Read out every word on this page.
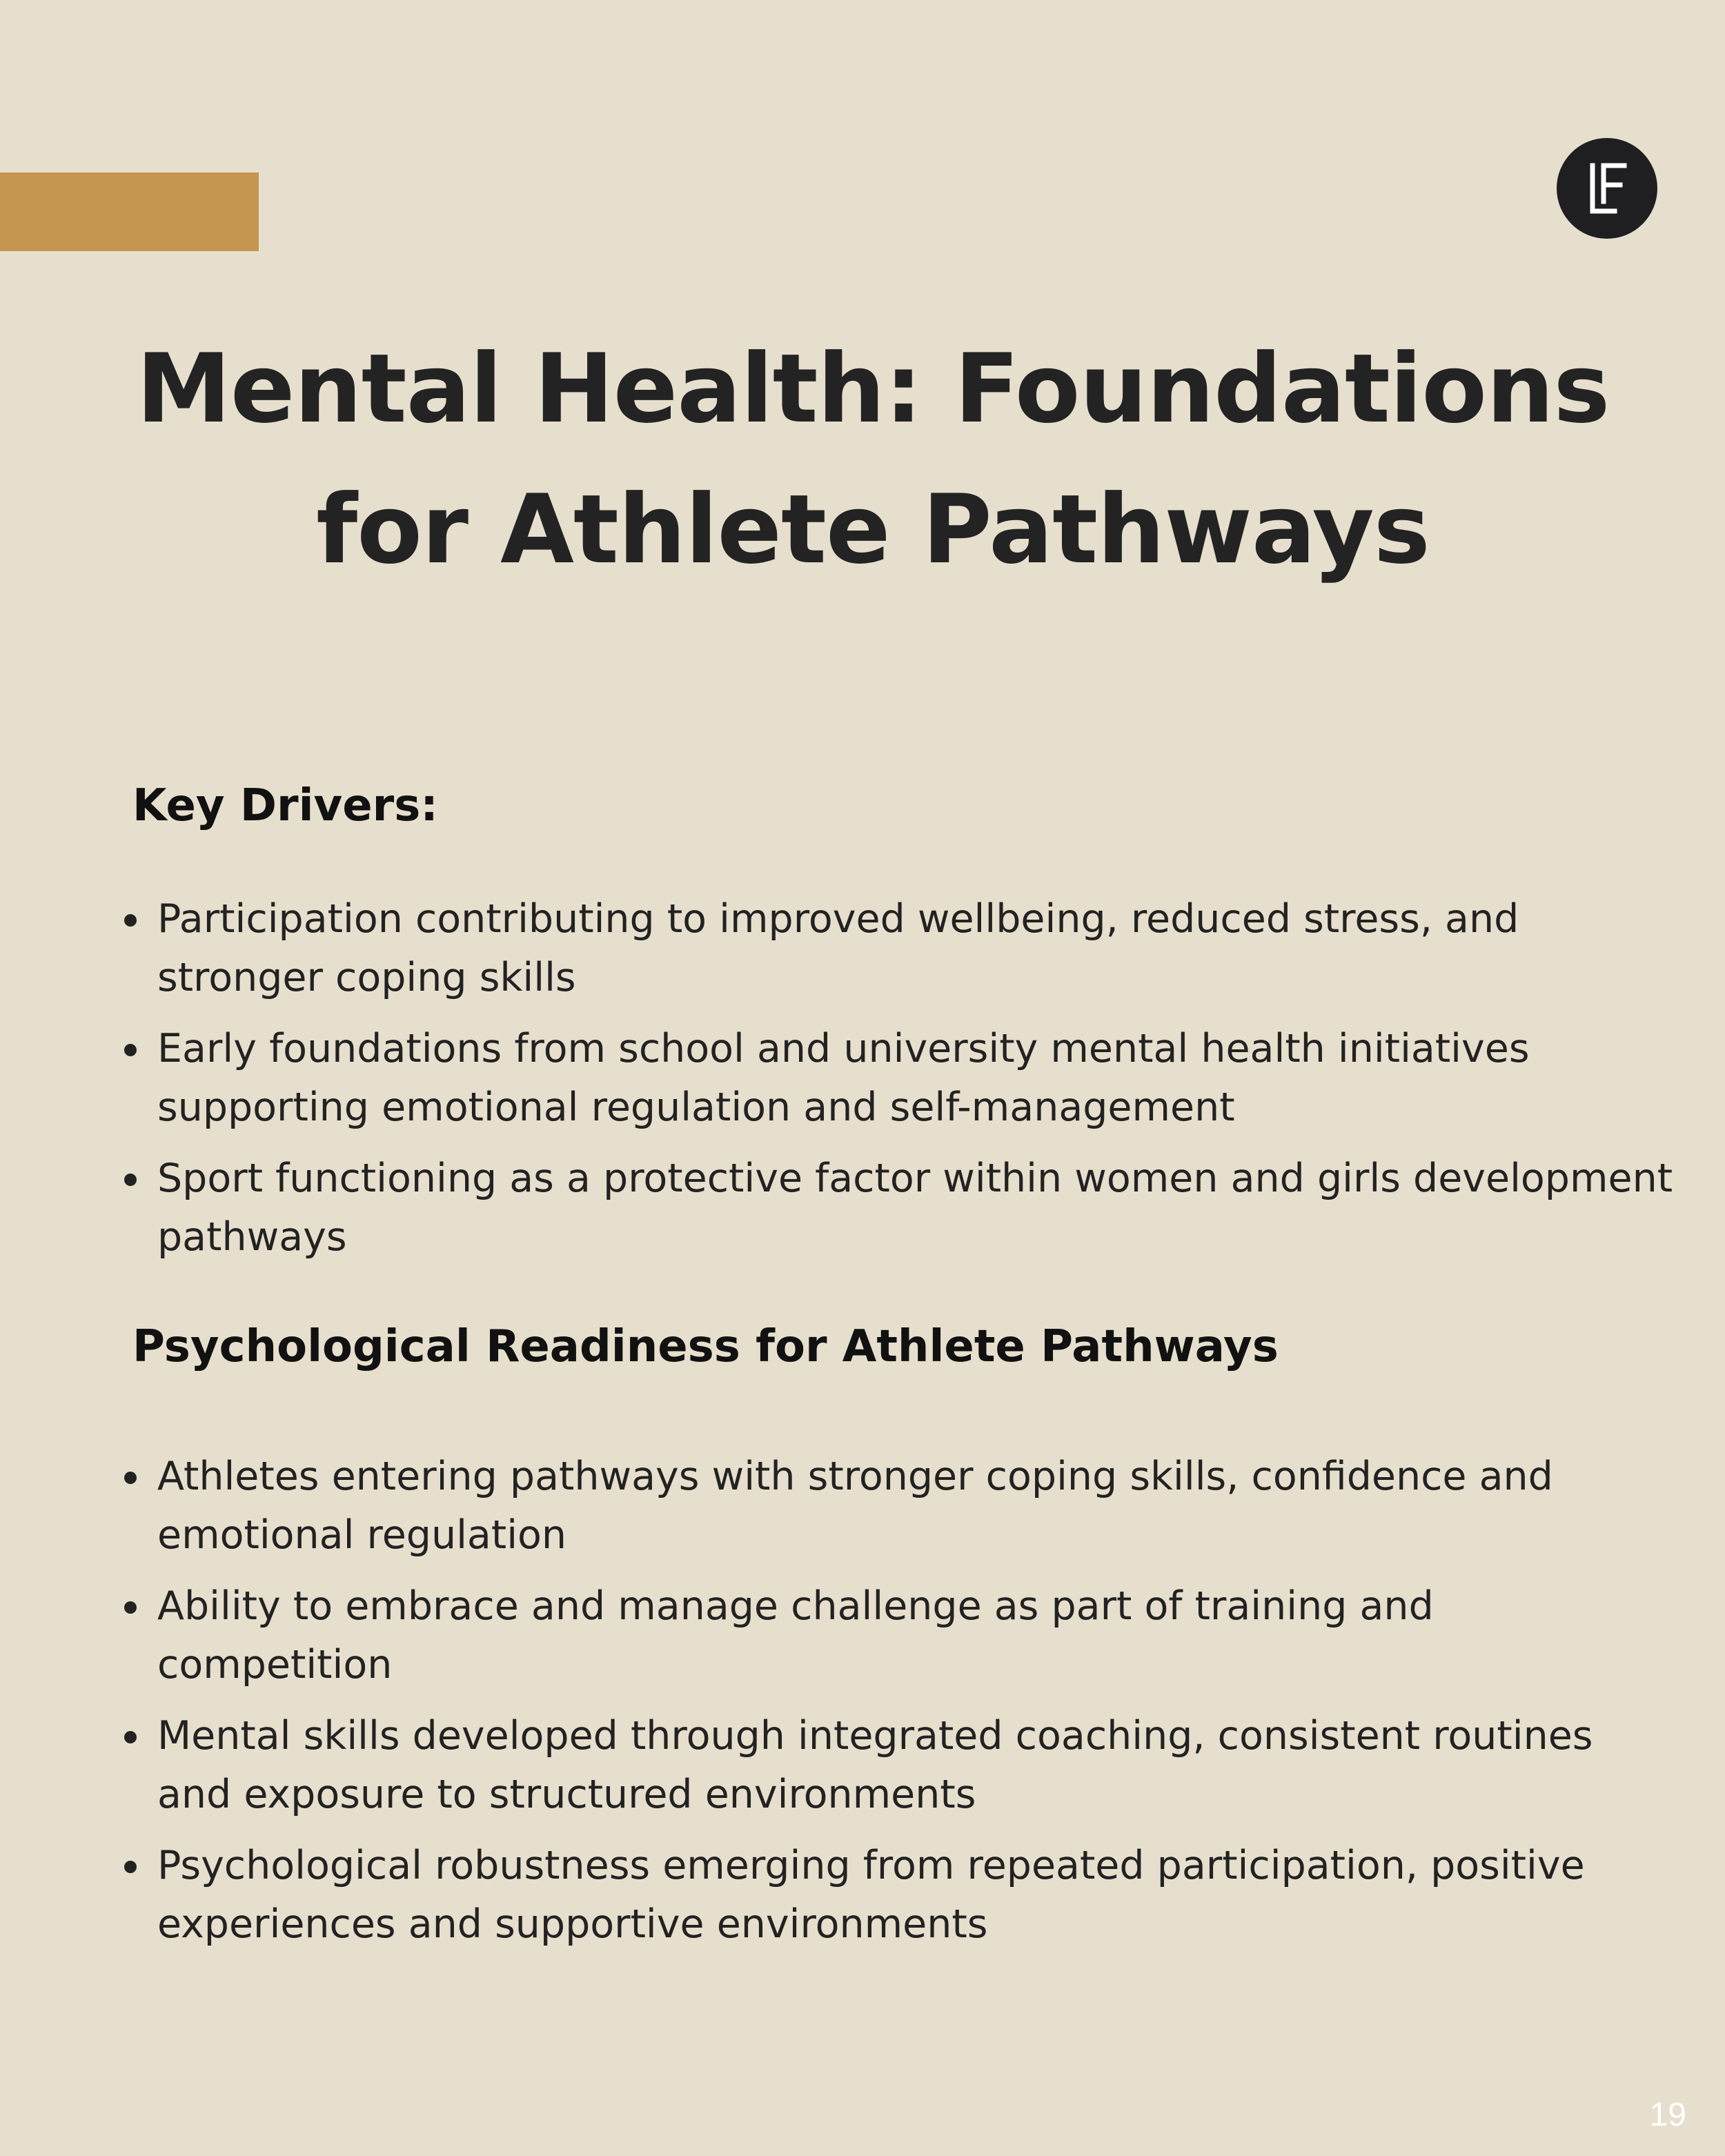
Mental Health: Foundations
for Athlete Pathways
Key Drivers:
Participation contributing to improved wellbeing, reduced stress, and stronger coping skills
Early foundations from school and university mental health initiatives supporting emotional regulation and self-management
Sport functioning as a protective factor within women and girls development pathways
Psychological Readiness for Athlete Pathways
Athletes entering pathways with stronger coping skills, confidence and emotional regulation
Ability to embrace and manage challenge as part of training and competition
Mental skills developed through integrated coaching, consistent routines and exposure to structured environments
Psychological robustness emerging from repeated participation, positive experiences and supportive environments
19
